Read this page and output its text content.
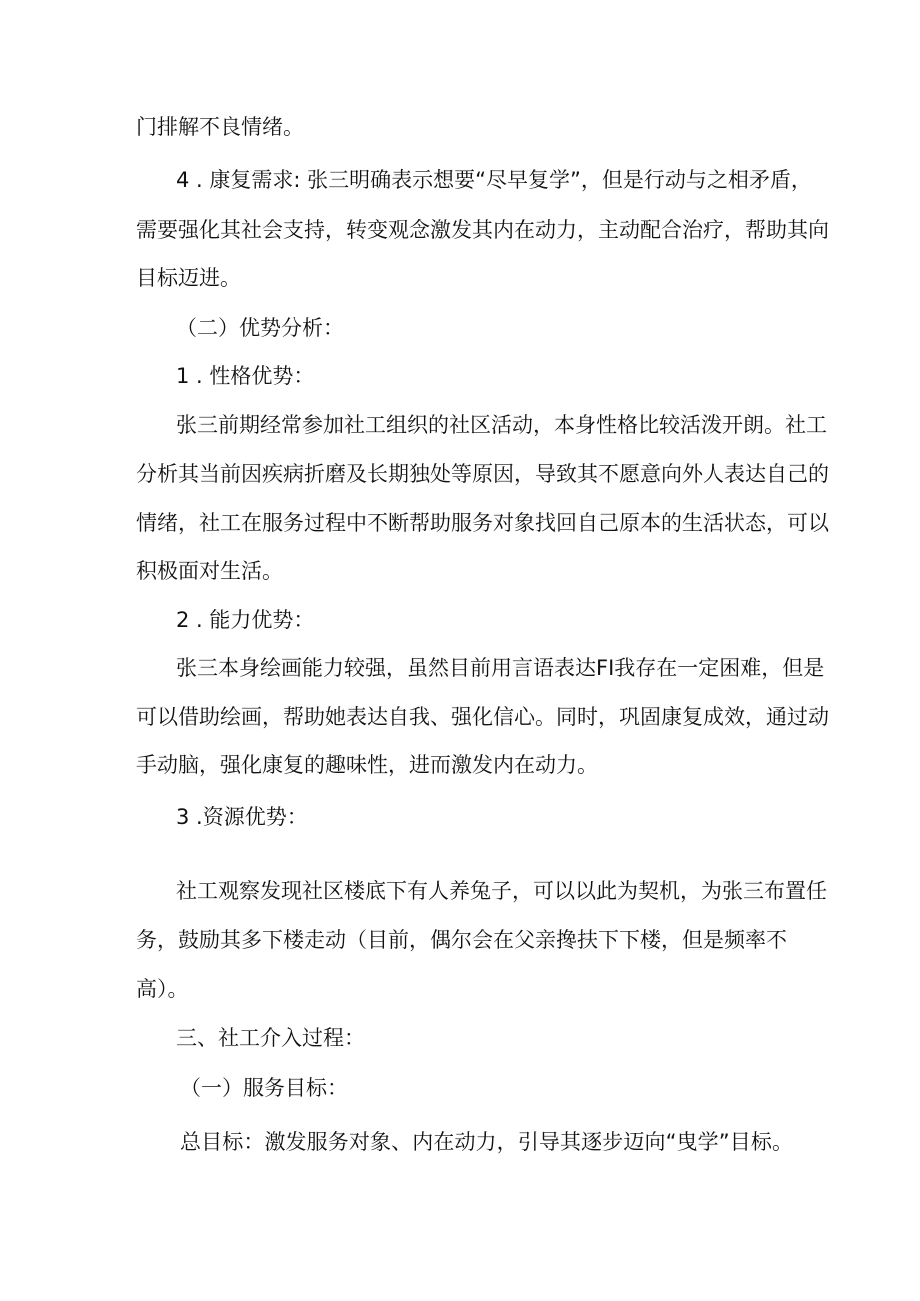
门排解不良情绪。
4 . 康复需求: 张三明确表示想要“尽早复学”，但是行动与之相矛盾，
需要强化其社会支持，转变观念激发其内在动力，主动配合治疗，帮助其向
目标迈进。
（二）优势分析：
1 . 性格优势：
张三前期经常参加社工组织的社区活动，本身性格比较活泼开朗。社工
分析其当前因疾病折磨及长期独处等原因，导致其不愿意向外人表达自己的
情绪，社工在服务过程中不断帮助服务对象找回自己原本的生活状态，可以
积极面对生活。
2 . 能力优势：
张三本身绘画能力较强，虽然目前用言语表达FI我存在一定困难，但是
可以借助绘画，帮助她表达自我、强化信心。同时，巩固康复成效，通过动
手动脑，强化康复的趣味性，进而激发内在动力。
3 .资源优势：
社工观察发现社区楼底下有人养兔子，可以以此为契机，为张三布置任
务，鼓励其多下楼走动（目前，偶尔会在父亲搀扶下下楼，但是频率不
高）。
三、社工介入过程：
（一）服务目标：
总目标：激发服务对象、内在动力，引导其逐步迈向“曳学”目标。
